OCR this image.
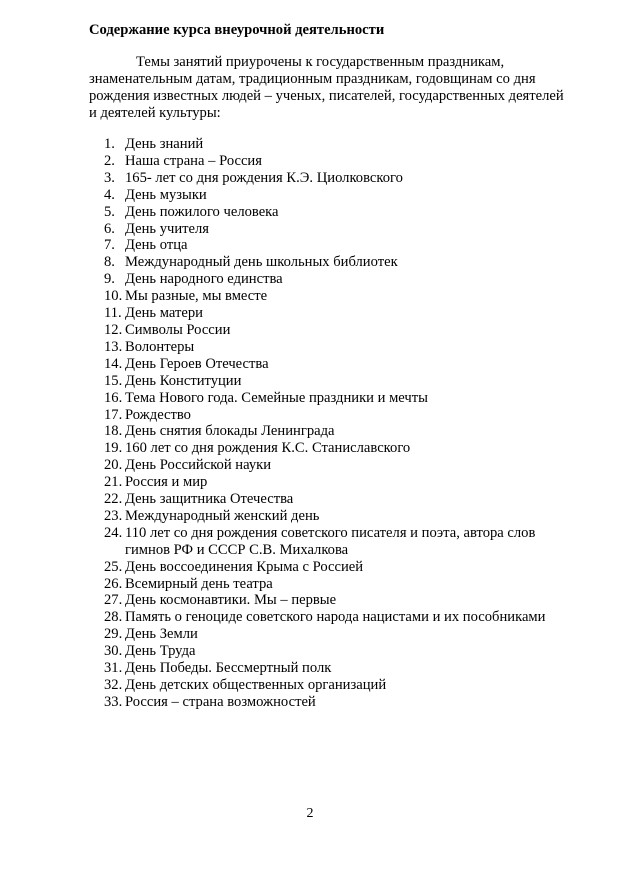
Содержание курса внеурочной деятельности
Темы занятий приурочены к государственным праздникам,
знаменательным датам, традиционным праздникам, годовщинам со дня
рождения известных людей – ученых, писателей, государственных деятелей
и деятелей культуры:
1. День знаний
2. Наша страна – Россия
3. 165- лет со дня рождения К.Э. Циолковского
4. День музыки
5. День пожилого человека
6. День учителя
7. День отца
8. Международный день школьных библиотек
9. День народного единства
10. Мы разные, мы вместе
11. День матери
12. Символы России
13. Волонтеры
14. День Героев Отечества
15. День Конституции
16. Тема Нового года. Семейные праздники и мечты
17. Рождество
18. День снятия блокады Ленинграда
19. 160 лет со дня рождения К.С. Станиславского
20. День Российской науки
21. Россия и мир
22. День защитника Отечества
23. Международный женский день
24. 110 лет со дня рождения советского писателя и поэта, автора слов
гимнов РФ и СССР С.В. Михалкова
25. День воссоединения Крыма с Россией
26. Всемирный день театра
27. День космонавтики. Мы – первые
28. Память о геноциде советского народа нацистами и их пособниками
29. День Земли
30. День Труда
31. День Победы. Бессмертный полк
32. День детских общественных организаций
33. Россия – страна возможностей
2
